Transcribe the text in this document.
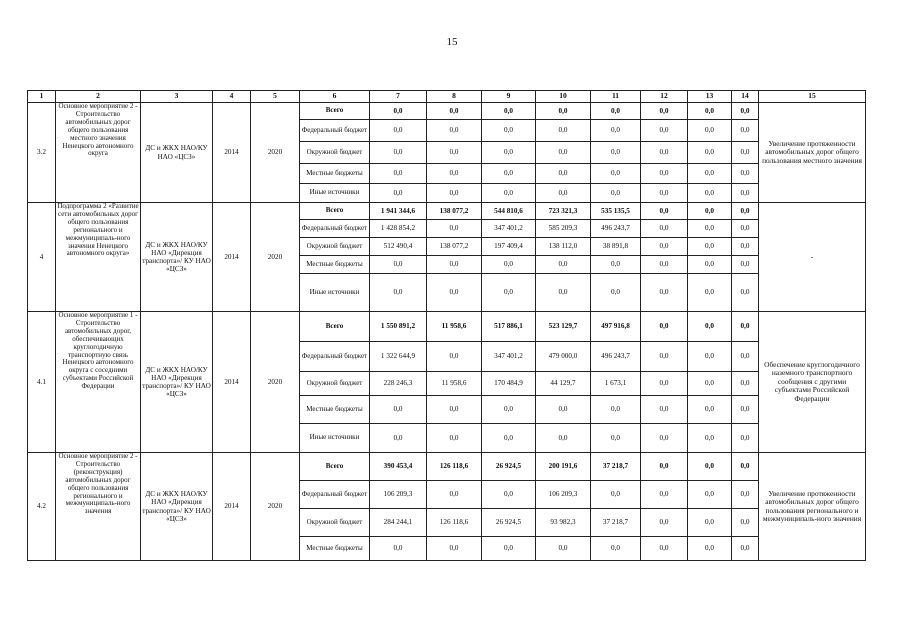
15
1	2	3	4	5	6	7	8	9	10	11	12	13	14	15
3.2	Основное мероприятие 2 - Строительство автомобильных дорог общего пользования местного значения Ненецкого автономного округа	ДС и ЖКХ НАО/КУ НАО «ЦСЗ»	2014	2020	Всего	0,0	0,0	0,0	0,0	0,0	0,0	0,0	0,0	Увеличение протяженности автомобильных дорог общего пользования местного значения
					Федеральный бюджет	0,0	0,0	0,0	0,0	0,0	0,0	0,0	0,0	
					Окружной бюджет	0,0	0,0	0,0	0,0	0,0	0,0	0,0	0,0	
					Местные бюджеты	0,0	0,0	0,0	0,0	0,0	0,0	0,0	0,0	
					Иные источники	0,0	0,0	0,0	0,0	0,0	0,0	0,0	0,0	
4	Подпрограмма 2 «Развитие сети автомобильных дорог общего пользования регионального и межмуниципаль-ного значения Ненецкого автономного округа»	ДС и ЖКХ НАО/КУ НАО «Дирекция транспорта»/ КУ НАО «ЦСЗ»	2014	2020	Всего	1 941 344,6	138 077,2	544 810,6	723 321,3	535 135,5	0,0	0,0	0,0	-
					Федеральный бюджет	1 428 854,2	0,0	347 401,2	585 209,3	496 243,7	0,0	0,0	0,0	
					Окружной бюджет	512 490,4	138 077,2	197 409,4	138 112,0	38 891,8	0,0	0,0	0,0	
					Местные бюджеты	0,0	0,0	0,0	0,0	0,0	0,0	0,0	0,0	
					Иные источники	0,0	0,0	0,0	0,0	0,0	0,0	0,0	0,0	
4.1	Основное мероприятие 1 - Строительство автомобильных дорог, обеспечивающих круглогодичную транспортную связь Ненецкого автономного округа с соседними субъектами Российской Федерации	ДС и ЖКХ НАО/КУ НАО «Дирекция транспорта»/ КУ НАО «ЦСЗ»	2014	2020	Всего	1 550 891,2	11 958,6	517 886,1	523 129,7	497 916,8	0,0	0,0	0,0	Обеспечение круглогодичного наземного транспортного сообщения с другими субъектами Российской Федерации
					Федеральный бюджет	1 322 644,9	0,0	347 401,2	479 000,0	496 243,7	0,0	0,0	0,0	
					Окружной бюджет	228 246,3	11 958,6	170 484,9	44 129,7	1 673,1	0,0	0,0	0,0	
					Местные бюджеты	0,0	0,0	0,0	0,0	0,0	0,0	0,0	0,0	
					Иные источники	0,0	0,0	0,0	0,0	0,0	0,0	0,0	0,0	
4.2	Основное мероприятие 2 - Строительство (реконструкция) автомобильных дорог общего пользования регионального и межмуниципаль-ного значения	ДС и ЖКХ НАО/КУ НАО «Дирекция транспорта»/ КУ НАО «ЦСЗ»	2014	2020	Всего	390 453,4	126 118,6	26 924,5	200 191,6	37 218,7	0,0	0,0	0,0	Увеличение протяженности автомобильных дорог общего пользования регионального и межмуниципаль-ного значения
					Федеральный бюджет	106 209,3	0,0	0,0	106 209,3	0,0	0,0	0,0	0,0	
					Окружной бюджет	284 244,1	126 118,6	26 924,5	93 982,3	37 218,7	0,0	0,0	0,0	
					Местные бюджеты	0,0	0,0	0,0	0,0	0,0	0,0	0,0	0,0	
